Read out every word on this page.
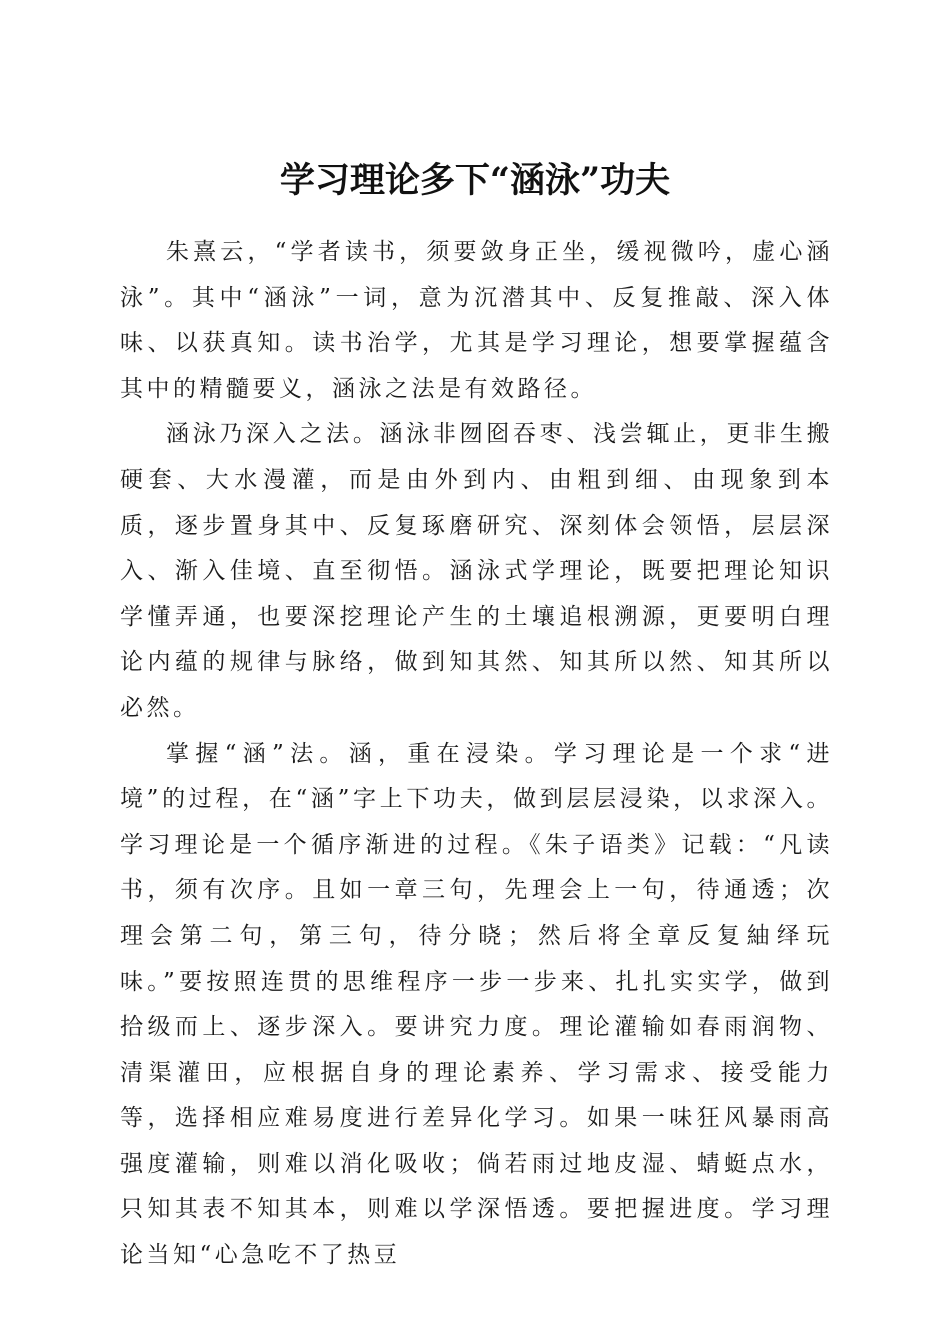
学习理论多下“涵泳”功夫

朱熹云，“学者读书，须要敛身正坐，缓视微吟，虚心涵泳”。其中“涵泳”一词，意为沉潜其中、反复推敲、深入体味、以获真知。读书治学，尤其是学习理论，想要掌握蕴含其中的精髓要义，涵泳之法是有效路径。

涵泳乃深入之法。涵泳非囫囵吞枣、浅尝辄止，更非生搬硬套、大水漫灌，而是由外到内、由粗到细、由现象到本质，逐步置身其中、反复琢磨研究、深刻体会领悟，层层深入、渐入佳境、直至彻悟。涵泳式学理论，既要把理论知识学懂弄通，也要深挖理论产生的土壤追根溯源，更要明白理论内蕴的规律与脉络，做到知其然、知其所以然、知其所以必然。

掌握“涵”法。涵，重在浸染。学习理论是一个求“进境”的过程，在“涵”字上下功夫，做到层层浸染，以求深入。学习理论是一个循序渐进的过程。《朱子语类》记载：“凡读书，须有次序。且如一章三句，先理会上一句，待通透；次理会第二句，第三句，待分晓；然后将全章反复紬绎玩味。”要按照连贯的思维程序一步一步来、扎扎实实学，做到拾级而上、逐步深入。要讲究力度。理论灌输如春雨润物、清渠灌田，应根据自身的理论素养、学习需求、接受能力等，选择相应难易度进行差异化学习。如果一味狂风暴雨高强度灌输，则难以消化吸收；倘若雨过地皮湿、蜻蜓点水，只知其表不知其本，则难以学深悟透。要把握进度。学习理论当知“心急吃不了热豆
